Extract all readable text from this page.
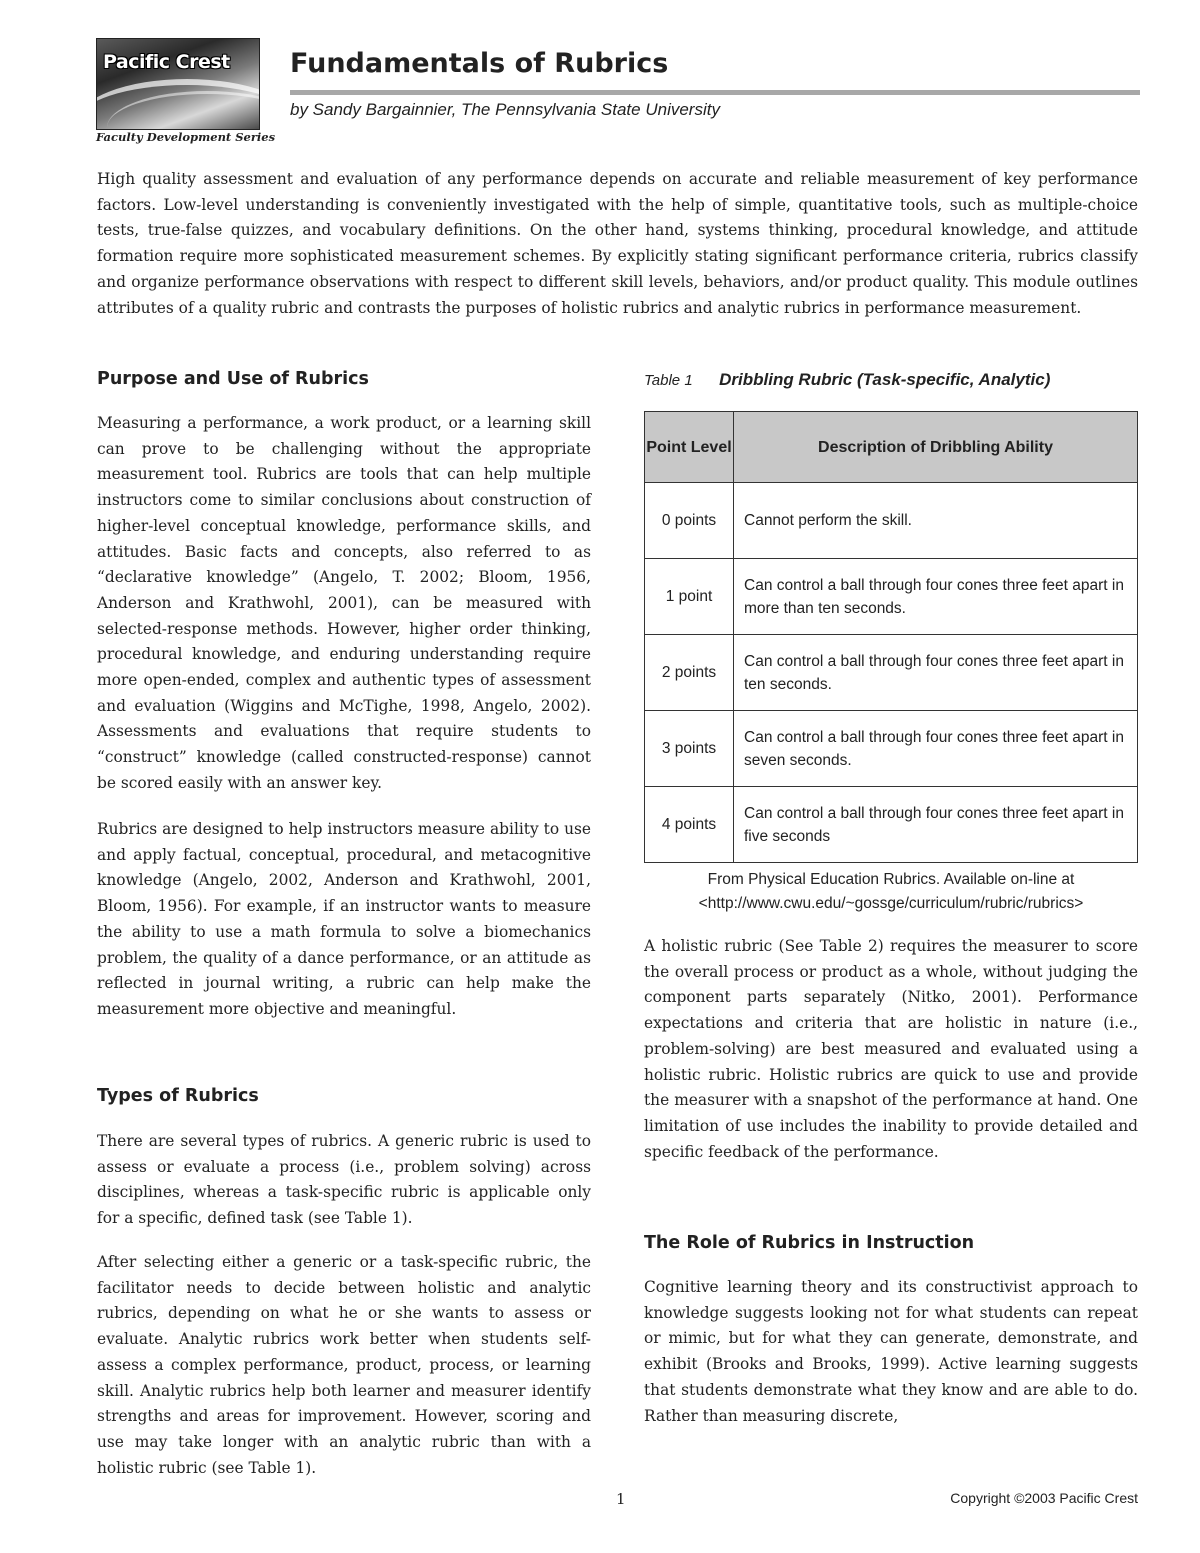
Pacific Crest
Faculty Development Series
Fundamentals of Rubrics
by Sandy Bargainnier, The Pennsylvania State University

High quality assessment and evaluation of any performance depends on accurate and reliable measurement of key performance factors. Low-level understanding is conveniently investigated with the help of simple, quantitative tools, such as multiple-choice tests, true-false quizzes, and vocabulary definitions. On the other hand, systems thinking, procedural knowledge, and attitude formation require more sophisticated measurement schemes. By explicitly stating significant performance criteria, rubrics classify and organize performance observations with respect to different skill levels, behaviors, and/or product quality. This module outlines attributes of a quality rubric and contrasts the purposes of holistic rubrics and analytic rubrics in performance measurement.

Purpose and Use of Rubrics

Measuring a performance, a work product, or a learning skill can prove to be challenging without the appropriate measurement tool. Rubrics are tools that can help multiple instructors come to similar conclusions about construction of higher-level conceptual knowledge, performance skills, and attitudes. Basic facts and concepts, also referred to as “declarative knowledge” (Angelo, T. 2002; Bloom, 1956, Anderson and Krathwohl, 2001), can be measured with selected-response methods. However, higher order thinking, procedural knowledge, and enduring understanding require more open-ended, complex and authentic types of assessment and evaluation (Wiggins and McTighe, 1998, Angelo, 2002). Assessments and evaluations that require students to “construct” knowledge (called constructed-response) cannot be scored easily with an answer key.

Rubrics are designed to help instructors measure ability to use and apply factual, conceptual, procedural, and metacognitive knowledge (Angelo, 2002, Anderson and Krathwohl, 2001, Bloom, 1956). For example, if an instructor wants to measure the ability to use a math formula to solve a biomechanics problem, the quality of a dance performance, or an attitude as reflected in journal writing, a rubric can help make the measurement more objective and meaningful.

Types of Rubrics

There are several types of rubrics. A generic rubric is used to assess or evaluate a process (i.e., problem solving) across disciplines, whereas a task-specific rubric is applicable only for a specific, defined task (see Table 1).

After selecting either a generic or a task-specific rubric, the facilitator needs to decide between holistic and analytic rubrics, depending on what he or she wants to assess or evaluate. Analytic rubrics work better when students self-assess a complex performance, product, process, or learning skill. Analytic rubrics help both learner and measurer identify strengths and areas for improvement. However, scoring and use may take longer with an analytic rubric than with a holistic rubric (see Table 1).

Table 1 Dribbling Rubric (Task-specific, Analytic)
Point Level	Description of Dribbling Ability
0 points	Cannot perform the skill.
1 point	Can control a ball through four cones three feet apart in more than ten seconds.
2 points	Can control a ball through four cones three feet apart in ten seconds.
3 points	Can control a ball through four cones three feet apart in seven seconds.
4 points	Can control a ball through four cones three feet apart in five seconds
From Physical Education Rubrics. Available on-line at
<http://www.cwu.edu/~gossge/curriculum/rubric/rubrics>

A holistic rubric (See Table 2) requires the measurer to score the overall process or product as a whole, without judging the component parts separately (Nitko, 2001). Performance expectations and criteria that are holistic in nature (i.e., problem-solving) are best measured and evaluated using a holistic rubric. Holistic rubrics are quick to use and provide the measurer with a snapshot of the performance at hand. One limitation of use includes the inability to provide detailed and specific feedback of the performance.

The Role of Rubrics in Instruction

Cognitive learning theory and its constructivist approach to knowledge suggests looking not for what students can repeat or mimic, but for what they can generate, demonstrate, and exhibit (Brooks and Brooks, 1999). Active learning suggests that students demonstrate what they know and are able to do. Rather than measuring discrete,

1	Copyright ©2003 Pacific Crest
